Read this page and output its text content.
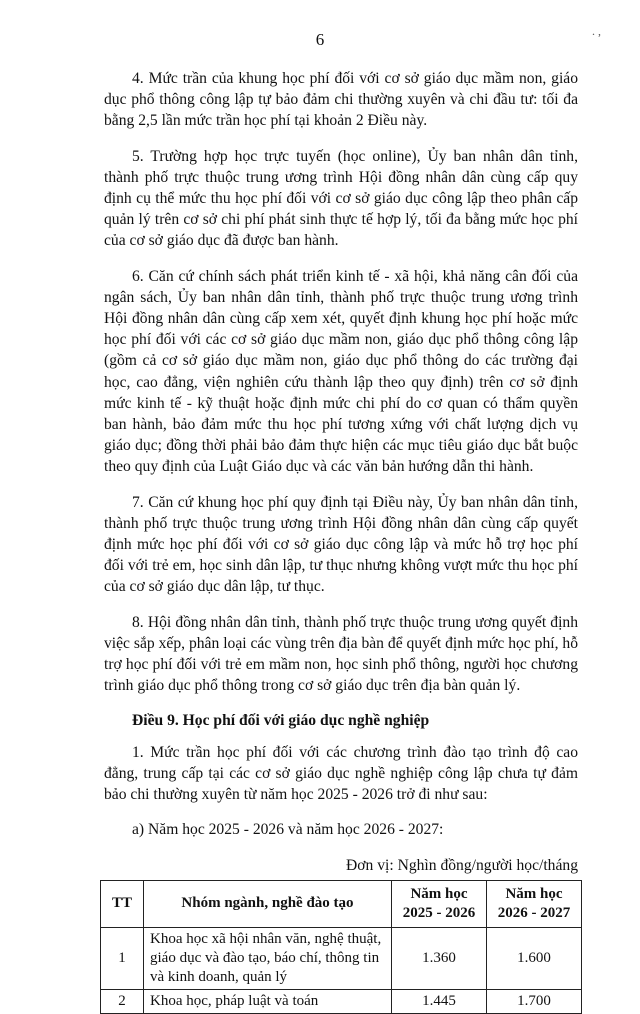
6	. ,

4. Mức trần của khung học phí đối với cơ sở giáo dục mầm non, giáo dục phổ thông công lập tự bảo đảm chi thường xuyên và chi đầu tư: tối đa bằng 2,5 lần mức trần học phí tại khoản 2 Điều này.

5. Trường hợp học trực tuyến (học online), Ủy ban nhân dân tỉnh, thành phố trực thuộc trung ương trình Hội đồng nhân dân cùng cấp quy định cụ thể mức thu học phí đối với cơ sở giáo dục công lập theo phân cấp quản lý trên cơ sở chi phí phát sinh thực tế hợp lý, tối đa bằng mức học phí của cơ sở giáo dục đã được ban hành.

6. Căn cứ chính sách phát triển kinh tế - xã hội, khả năng cân đối của ngân sách, Ủy ban nhân dân tỉnh, thành phố trực thuộc trung ương trình Hội đồng nhân dân cùng cấp xem xét, quyết định khung học phí hoặc mức học phí đối với các cơ sở giáo dục mầm non, giáo dục phổ thông công lập (gồm cả cơ sở giáo dục mầm non, giáo dục phổ thông do các trường đại học, cao đẳng, viện nghiên cứu thành lập theo quy định) trên cơ sở định mức kinh tế - kỹ thuật hoặc định mức chi phí do cơ quan có thẩm quyền ban hành, bảo đảm mức thu học phí tương xứng với chất lượng dịch vụ giáo dục; đồng thời phải bảo đảm thực hiện các mục tiêu giáo dục bắt buộc theo quy định của Luật Giáo dục và các văn bản hướng dẫn thi hành.

7. Căn cứ khung học phí quy định tại Điều này, Ủy ban nhân dân tỉnh, thành phố trực thuộc trung ương trình Hội đồng nhân dân cùng cấp quyết định mức học phí đối với cơ sở giáo dục công lập và mức hỗ trợ học phí đối với trẻ em, học sinh dân lập, tư thục nhưng không vượt mức thu học phí của cơ sở giáo dục dân lập, tư thục.

8. Hội đồng nhân dân tỉnh, thành phố trực thuộc trung ương quyết định việc sắp xếp, phân loại các vùng trên địa bàn để quyết định mức học phí, hỗ trợ học phí đối với trẻ em mầm non, học sinh phổ thông, người học chương trình giáo dục phổ thông trong cơ sở giáo dục trên địa bàn quản lý.

Điều 9. Học phí đối với giáo dục nghề nghiệp

1. Mức trần học phí đối với các chương trình đào tạo trình độ cao đẳng, trung cấp tại các cơ sở giáo dục nghề nghiệp công lập chưa tự đảm bảo chi thường xuyên từ năm học 2025 - 2026 trở đi như sau:

a) Năm học 2025 - 2026 và năm học 2026 - 2027:

Đơn vị: Nghìn đồng/người học/tháng
TT	Nhóm ngành, nghề đào tạo	Năm học 2025 - 2026	Năm học 2026 - 2027
1	Khoa học xã hội nhân văn, nghệ thuật, giáo dục và đào tạo, báo chí, thông tin và kinh doanh, quản lý	1.360	1.600
2	Khoa học, pháp luật và toán	1.445	1.700
